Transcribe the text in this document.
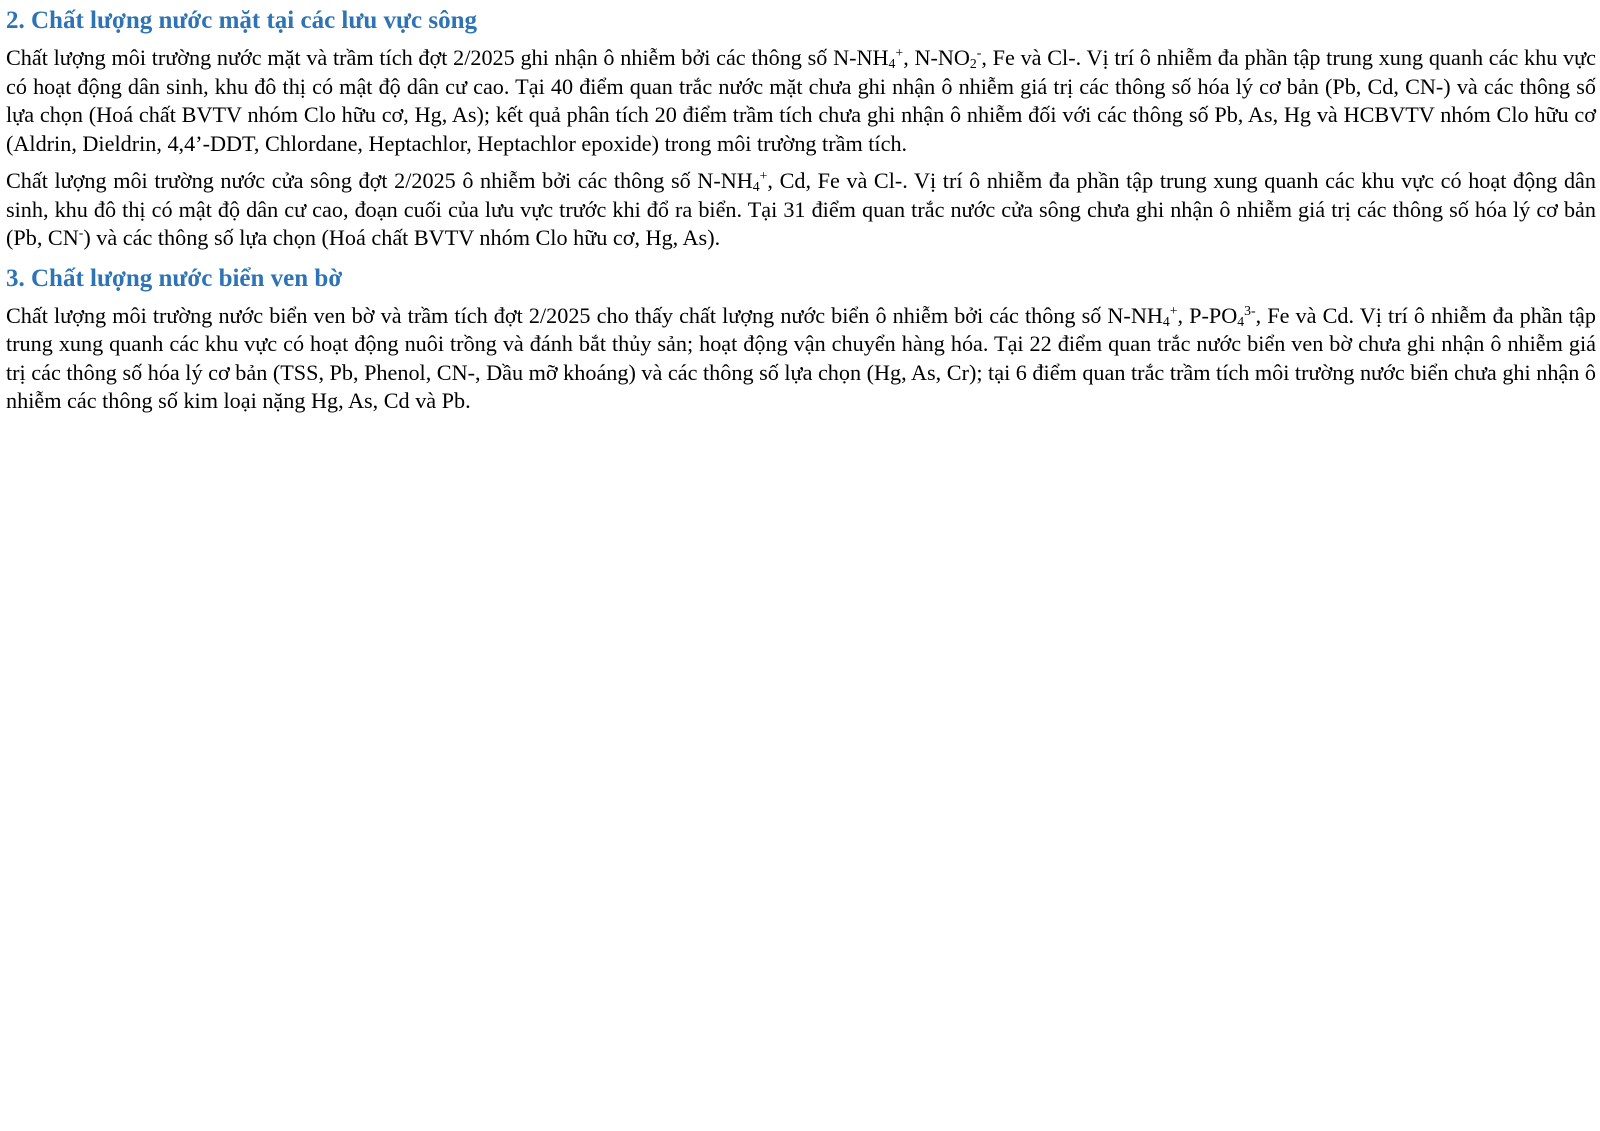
2. Chất lượng nước mặt tại các lưu vực sông

Chất lượng môi trường nước mặt và trầm tích đợt 2/2025 ghi nhận ô nhiễm bởi các thông số $N-NH_4^+$, $N-NO_2^-$, Fe và Cl-. Vị trí ô nhiễm đa phần tập trung xung quanh các khu vực có hoạt động dân sinh, khu đô thị có mật độ dân cư cao. Tại 40 điểm quan trắc nước mặt chưa ghi nhận ô nhiễm giá trị các thông số hóa lý cơ bản (Pb, Cd, CN-) và các thông số lựa chọn (Hoá chất BVTV nhóm Clo hữu cơ, Hg, As); kết quả phân tích 20 điểm trầm tích chưa ghi nhận ô nhiễm đối với các thông số Pb, As, Hg và HCBVTV nhóm Clo hữu cơ (Aldrin, Dieldrin, 4,4’-DDT, Chlordane, Heptachlor, Heptachlor epoxide) trong môi trường trầm tích.

Chất lượng môi trường nước cửa sông đợt 2/2025 ô nhiễm bởi các thông số $N-NH_4^+$, Cd, Fe và Cl-. Vị trí ô nhiễm đa phần tập trung xung quanh các khu vực có hoạt động dân sinh, khu đô thị có mật độ dân cư cao, đoạn cuối của lưu vực trước khi đổ ra biển. Tại 31 điểm quan trắc nước cửa sông chưa ghi nhận ô nhiễm giá trị các thông số hóa lý cơ bản (Pb, CN-) và các thông số lựa chọn (Hoá chất BVTV nhóm Clo hữu cơ, Hg, As).

3. Chất lượng nước biển ven bờ

Chất lượng môi trường nước biển ven bờ và trầm tích đợt 2/2025 cho thấy chất lượng nước biển ô nhiễm bởi các thông số $N-NH_4^+$, $P-PO_4^{3-}$, Fe và Cd. Vị trí ô nhiễm đa phần tập trung xung quanh các khu vực có hoạt động nuôi trồng và đánh bắt thủy sản; hoạt động vận chuyển hàng hóa. Tại 22 điểm quan trắc nước biển ven bờ chưa ghi nhận ô nhiễm giá trị các thông số hóa lý cơ bản (TSS, Pb, Phenol, CN-, Dầu mỡ khoáng) và các thông số lựa chọn (Hg, As, Cr); tại 6 điểm quan trắc trầm tích môi trường nước biển chưa ghi nhận ô nhiễm các thông số kim loại nặng Hg, As, Cd và Pb.
